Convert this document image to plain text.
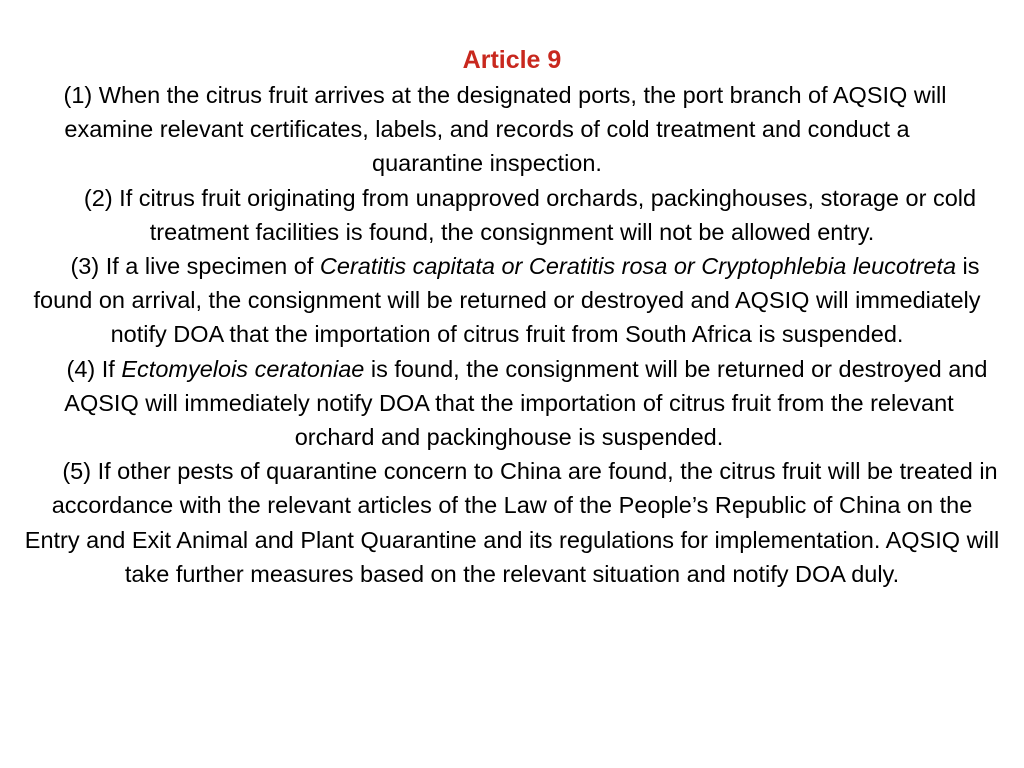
Article 9

(1) When the citrus fruit arrives at the designated ports, the port branch of AQSIQ will examine relevant certificates, labels, and records of cold treatment and conduct a quarantine inspection.

(2) If citrus fruit originating from unapproved orchards, packinghouses, storage or cold treatment facilities is found, the consignment will not be allowed entry.

(3) If a live specimen of Ceratitis capitata or Ceratitis rosa or Cryptophlebia leucotreta is found on arrival, the consignment will be returned or destroyed and AQSIQ will immediately notify DOA that the importation of citrus fruit from South Africa is suspended.

(4) If Ectomyelois ceratoniae is found, the consignment will be returned or destroyed and AQSIQ will immediately notify DOA that the importation of citrus fruit from the relevant orchard and packinghouse is suspended.

(5) If other pests of quarantine concern to China are found, the citrus fruit will be treated in accordance with the relevant articles of the Law of the People’s Republic of China on the Entry and Exit Animal and Plant Quarantine and its regulations for implementation. AQSIQ will take further measures based on the relevant situation and notify DOA duly.
